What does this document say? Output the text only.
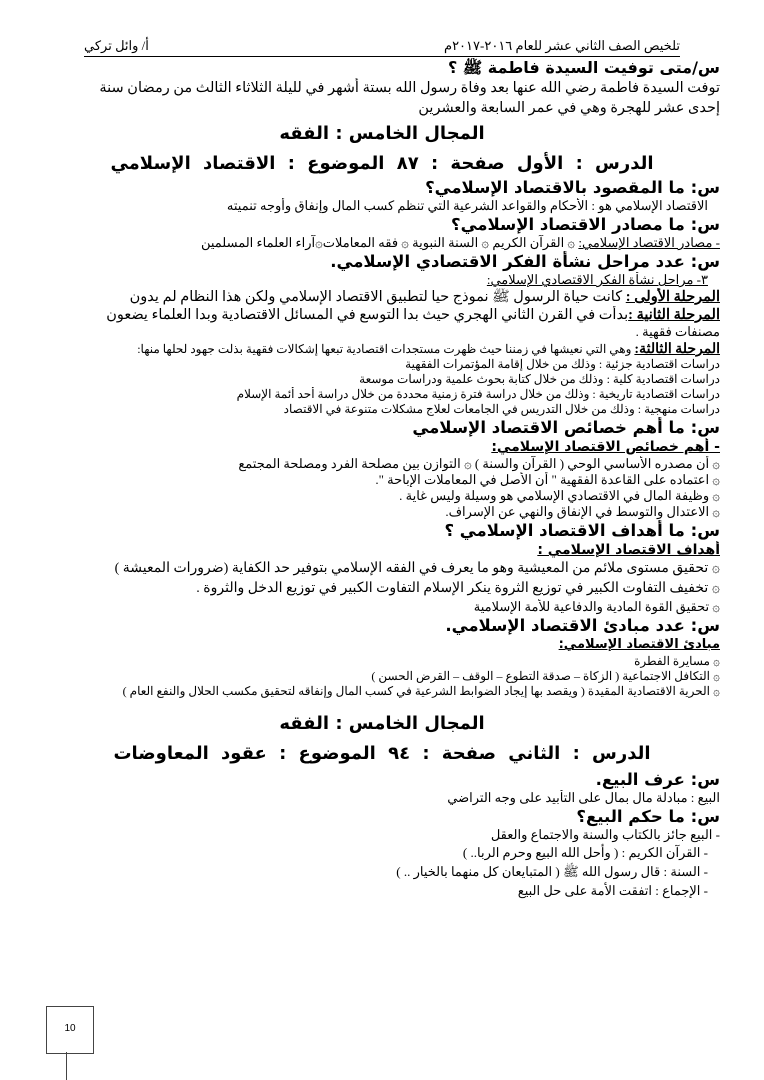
تلخيص الصف الثاني عشر للعام ٢٠١٦-٢٠١٧م
أ/ وائل تركي
س/متى توفيت السيدة فاطمة ﷺ ؟
توفت السيدة فاطمة رضي الله عنها بعد وفاة رسول الله بستة أشهر في لليلة الثلاثاء الثالث من رمضان سنة
إحدى عشر للهجرة وهي في عمر السابعة والعشرين
المجال الخامس : الفقه
الدرس : الأول صفحة : ٨٧ الموضوع : الاقتصاد الإسلامي
س: ما المقصود بالاقتصاد الإسلامي؟
الاقتصاد الإسلامي هو : الأحكام والقواعد الشرعية التي تنظم كسب المال وإنفاق وأوجه تنميته
س: ما مصادر الاقتصاد الإسلامي؟
- مصادر الاقتصاد الإسلامي: ۞ القرآن الكريم ۞ السنة النبوية ۞ فقه المعاملات۞آراء العلماء المسلمين
س: عدد مراحل نشأة الفكر الاقتصادي الإسلامي.
٣- مراحل نشأة الفكر الاقتصادي الإسلامي:
المرحلة الأولى : كانت حياة الرسول ﷺ نموذج حيا لتطبيق الاقتصاد الإسلامي ولكن هذا النظام لم يدون
المرحلة الثانية :بدأت في القرن الثاني الهجري حيث بدا التوسع في المسائل الاقتصادية وبدا العلماء يضعون
مصنفات فقهية .
المرحلة الثالثة: وهي التي نعيشها في زمننا حيث ظهرت مستجدات اقتصادية تبعها إشكالات فقهية بذلت جهود لحلها منها:
دراسات اقتصادية جزئية : وذلك من خلال إقامة المؤتمرات الفقهية
دراسات اقتصادية كلية : وذلك من خلال كتابة بحوث علمية ودراسات موسعة
دراسات اقتصادية تاريخية : وذلك من خلال دراسة فترة زمنية محددة من خلال دراسة أحد أئمة الإسلام
دراسات منهجية : وذلك من خلال التدريس في الجامعات لعلاج مشكلات متنوعة في الاقتصاد
س: ما أهم خصائص الاقتصاد الإسلامي
- أهم خصائص الاقتصاد الإسلامي:
۞ أن مصدره الأساسي الوحي ( القرآن والسنة ) ۞ التوازن بين مصلحة الفرد ومصلحة المجتمع
۞ اعتماده على القاعدة الفقهية " أن الأصل في المعاملات الإباحة ".
۞ وظيفة المال في الاقتصادي الإسلامي هو وسيلة وليس غاية .
۞ الاعتدال والتوسط في الإنفاق والنهي عن الإسراف.
س: ما أهداف الاقتصاد الإسلامي ؟
أهداف الاقتصاد الإسلامي :
۞ تحقيق مستوى ملائم من المعيشية وهو ما يعرف في الفقه الإسلامي بتوفير حد الكفاية (ضرورات المعيشة )
۞ تخفيف التفاوت الكبير في توزيع الثروة ينكر الإسلام التفاوت الكبير في توزيع الدخل والثروة .
۞ تحقيق القوة المادية والدفاعية للأمة الإسلامية
س: عدد مبادئ الاقتصاد الإسلامي.
مبادئ الاقتصاد الإسلامي:
۞ مسايرة الفطرة
۞ التكافل الاجتماعية ( الزكاة – صدقة التطوع – الوقف – القرض الحسن )
۞ الحرية الاقتصادية المقيدة ( ويقصد بها إيجاد الضوابط الشرعية في كسب المال وإنفاقه لتحقيق مكسب الحلال والنفع العام )
المجال الخامس : الفقه
الدرس : الثاني صفحة : ٩٤ الموضوع : عقود المعاوضات
س: عرف البيع.
البيع : مبادلة مال بمال على التأبيد على وجه التراضي
س: ما حكم البيع؟
- البيع جائز بالكتاب والسنة والاجتماع والعقل
- القرآن الكريم : ( وأحل الله البيع وحرم الربا.. )
- السنة : قال رسول الله ﷺ ( المتبايعان كل منهما بالخيار .. )
- الإجماع : اتفقت الأمة على حل البيع
10
